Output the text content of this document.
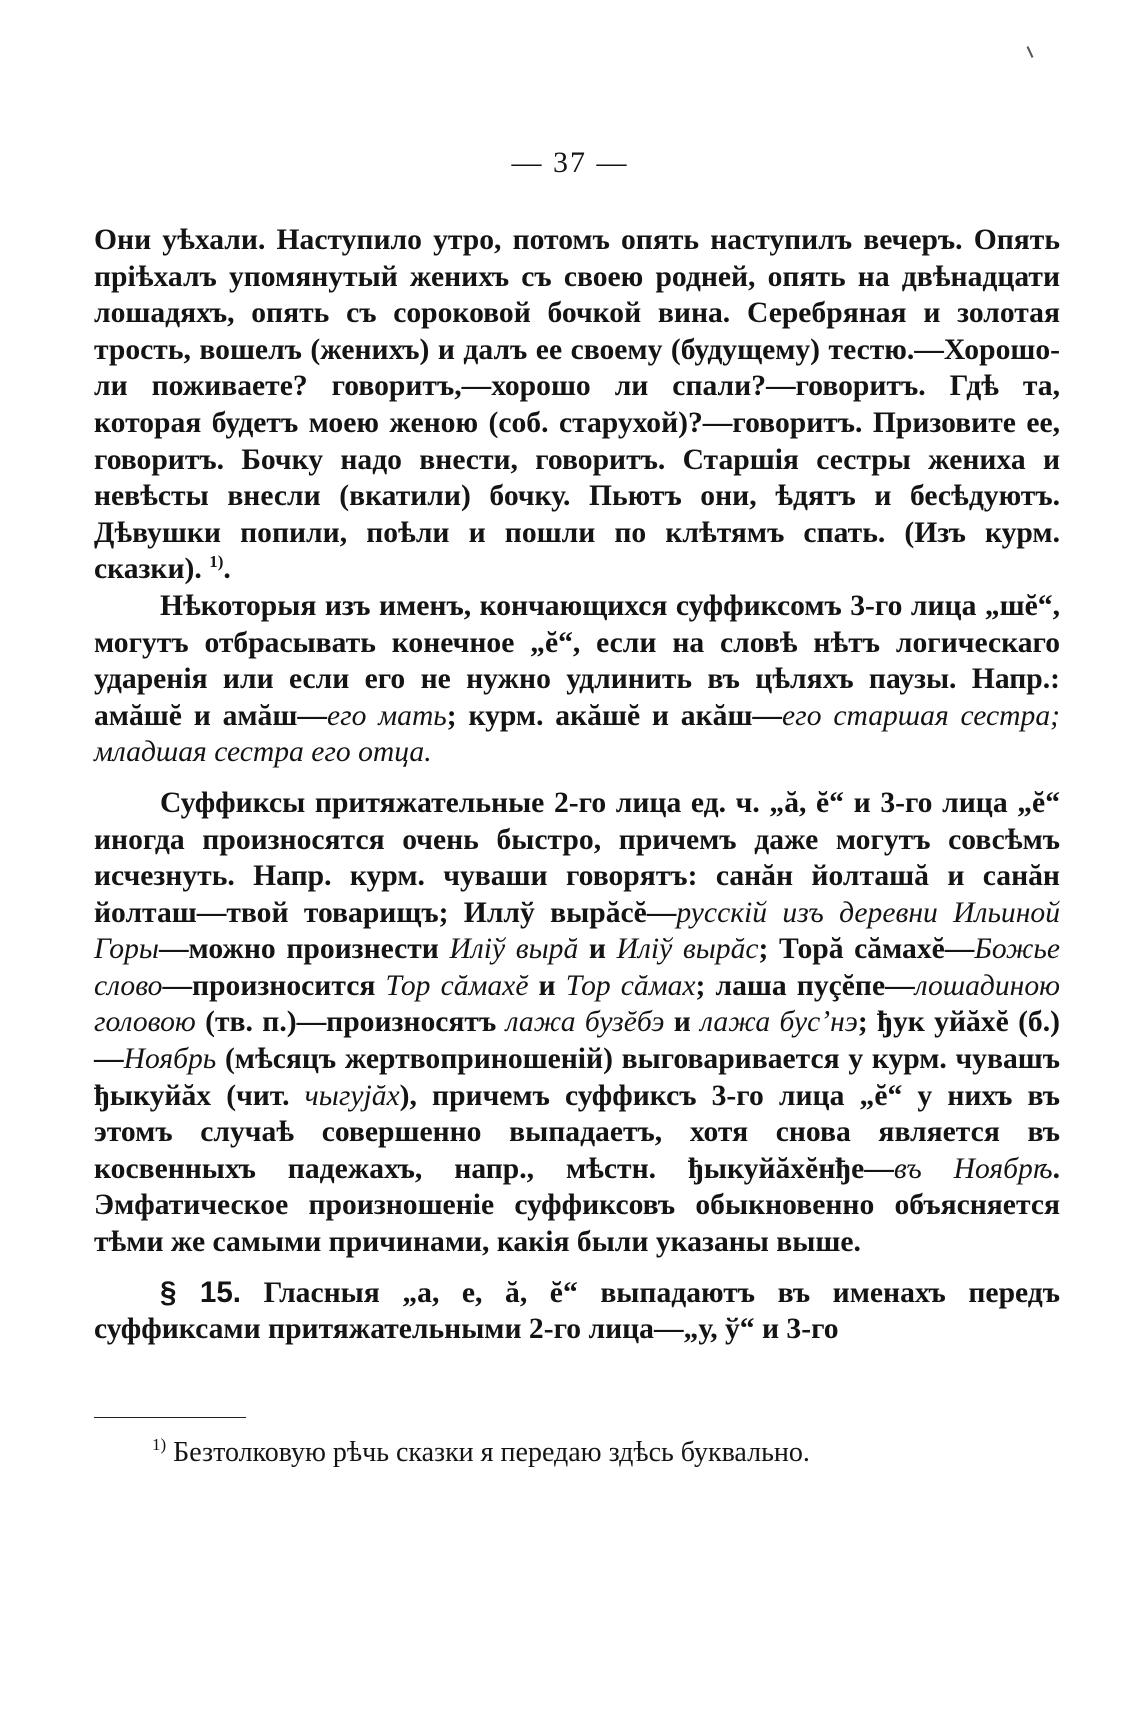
— 37 —

Они уѣхали. Наступило утро, потомъ опять наступилъ вечеръ. Опять прiѣхалъ упомянутый женихъ съ своею родней, опять на двѣнадцати лошадяхъ, опять съ сороковой бочкой вина. Серебряная и золотая трость, вошелъ (женихъ) и далъ ее своему (будущему) тестю.—Хорошо-ли поживаете? говоритъ,—хорошо ли спали?—говоритъ. Гдѣ та, которая будетъ моею женою (соб. старухой)?—говоритъ. Призовите ее, говоритъ. Бочку надо внести, говоритъ. Старшiя сестры жениха и невѣсты внесли (вкатили) бочку. Пьютъ они, ѣдятъ и бесѣдуютъ. Дѣвушки попили, поѣли и пошли по клѣтямъ спать. (Изъ курм. сказки). $^{1)}$.

Нѣкоторыя изъ именъ, кончающихся суффиксомъ 3-го лица „шĕ“, могутъ отбрасывать конечное „ĕ“, если на словѣ нѣтъ логическаго ударенiя или если его не нужно удлинить въ цѣляхъ паузы. Напр.: амăшĕ и амăш—его мать; курм. акăшĕ и акăш—его старшая сестра; младшая сестра его отца.

Суффиксы притяжательные 2-го лица ед. ч. „ă, ĕ“ и 3-го лица „ĕ“ иногда произносятся очень быстро, причемъ даже могутъ совсѣмъ исчезнуть. Напр. курм. чуваши говорятъ: санăн йолташă и санăн йолташ—твой товарищъ; Иллў вырăсĕ—русскiй изъ деревни Ильиной Горы—можно произнести Иліў вырă и Иліў вырăс; Торă сăмахĕ—Божье слово—произносится Тор сăмахĕ и Тор сăмах; лаша пуçĕпе—лошадиною головою (тв. п.)—произносятъ лажа бузĕбэ и лажа бусʼнэ; ђук уйăхĕ (б.)—Ноябрь (мѣсяцъ жертвоприношенiй) выговаривается у курм. чувашъ ђыкуйăх (чит. чыгујăх), причемъ суффиксъ 3-го лица „ĕ“ у нихъ въ этомъ случаѣ совершенно выпадаетъ, хотя снова является въ косвенныхъ падежахъ, напр., мѣстн. ђыкуйăхĕнђе—въ Ноябрѣ. Эмфатическое произношенiе суффиксовъ обыкновенно объясняется тѣми же самыми причинами, какiя были указаны выше.

§ 15. Гласныя „а, е, ă, ĕ“ выпадаютъ въ именахъ передъ суффиксами притяжательными 2-го лица—„у, ў“ и 3-го

$^{1)}$ Безтолковую рѣчь сказки я передаю здѣсь буквально.
